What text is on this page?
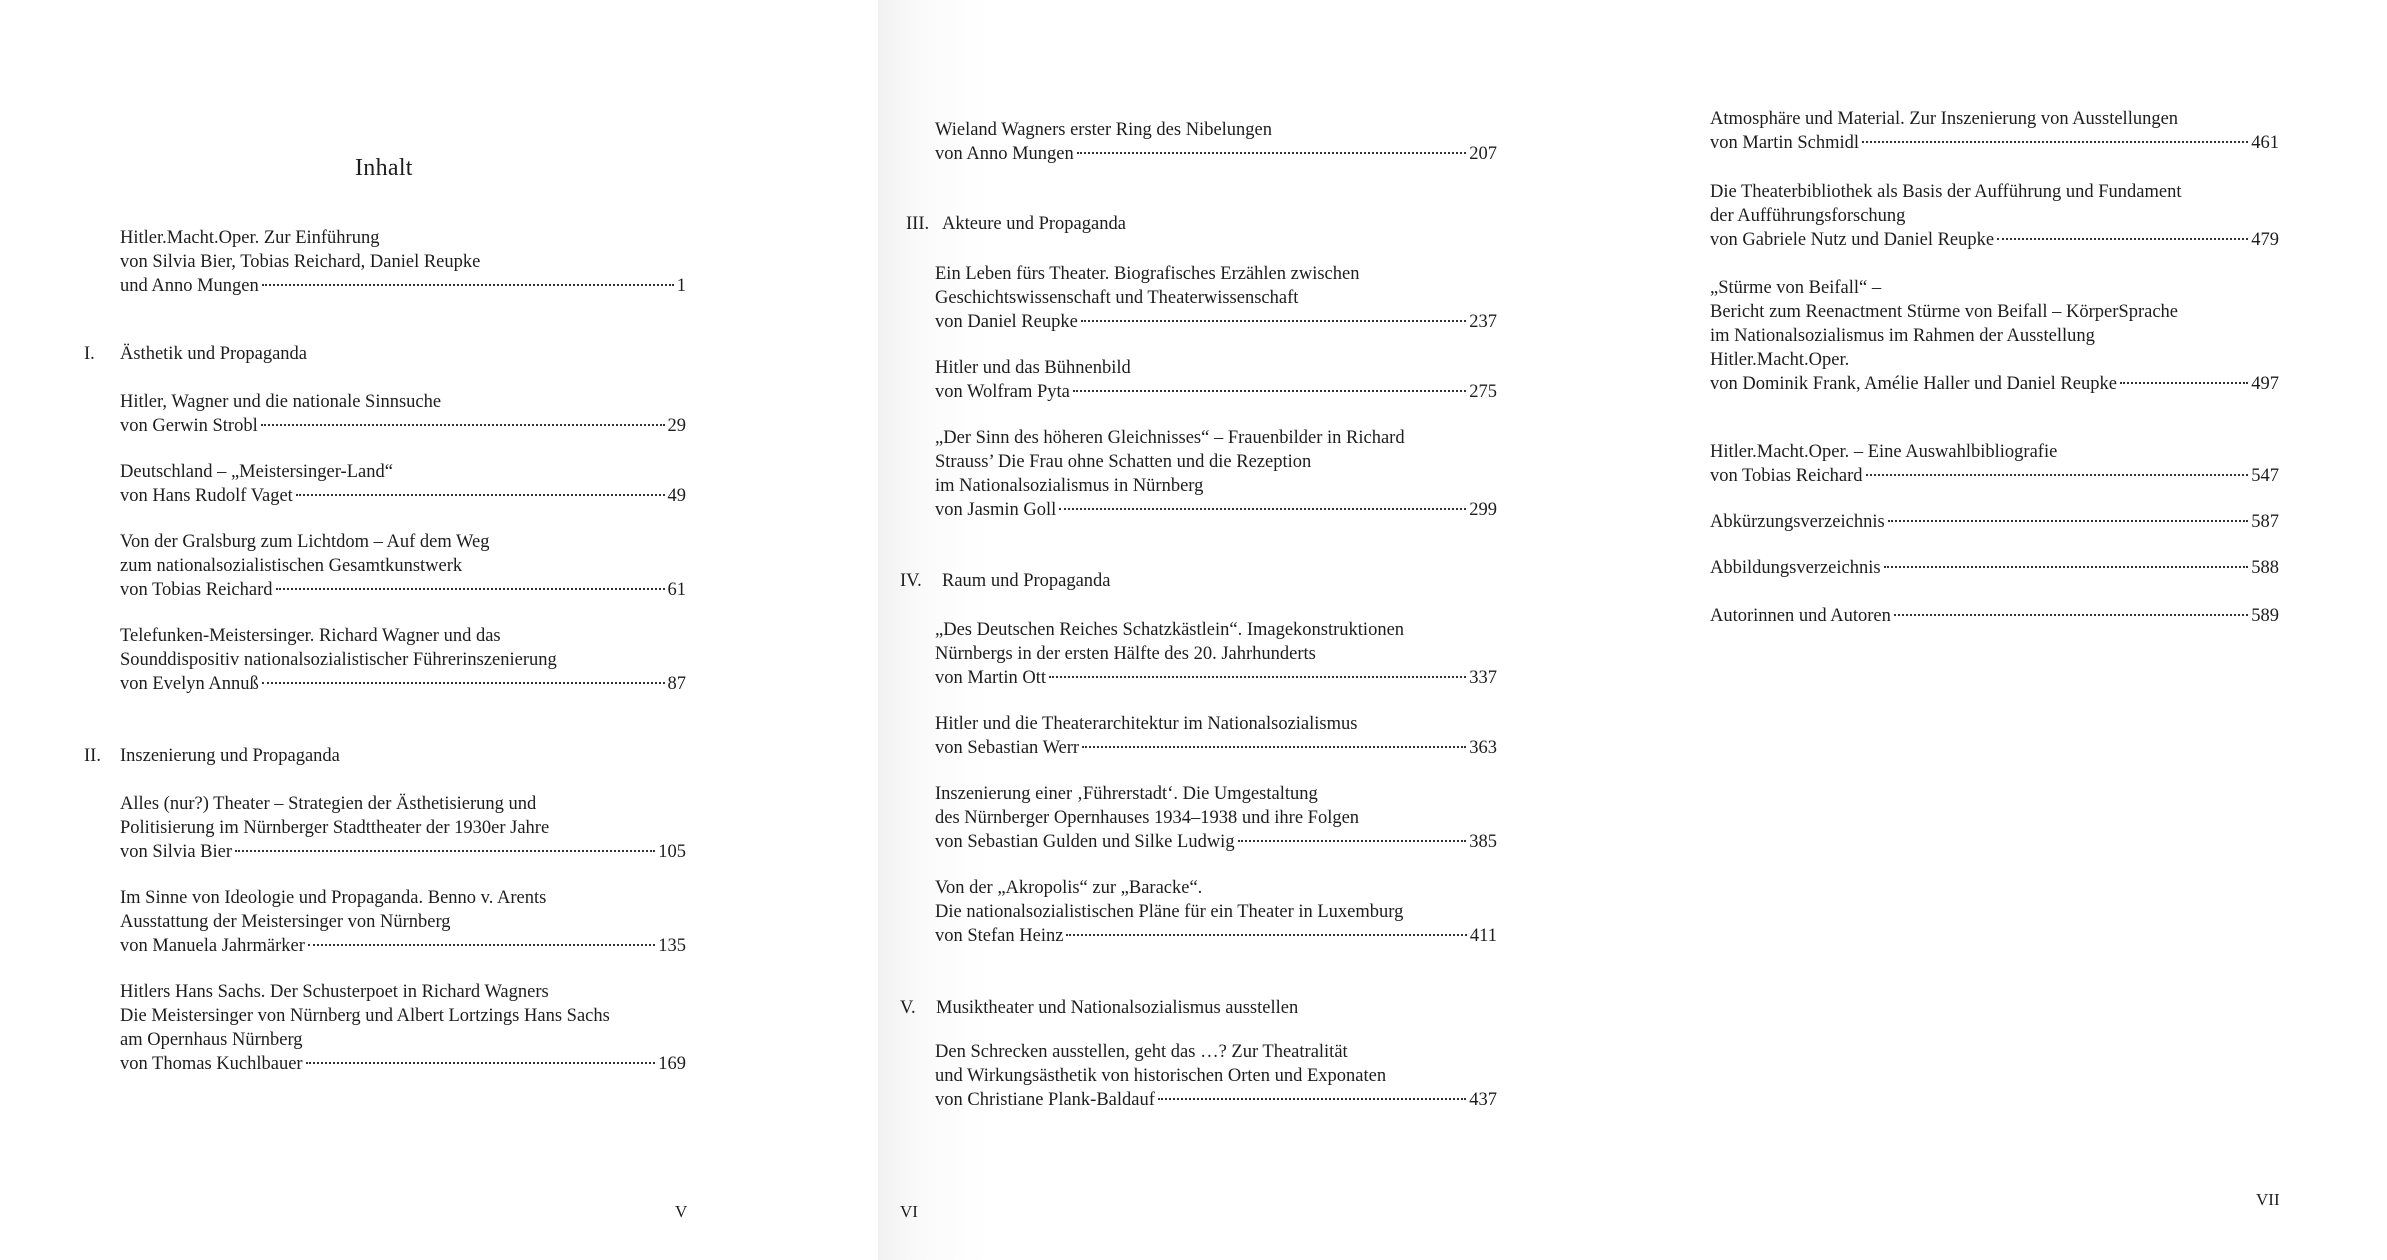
Inhalt
Hitler.Macht.Oper. Zur Einführung
von Silvia Bier, Tobias Reichard, Daniel Reupke
und Anno Mungen	1
I. Ästhetik und Propaganda
Hitler, Wagner und die nationale Sinnsuche
von Gerwin Strobl	29
Deutschland – „Meistersinger-Land“
von Hans Rudolf Vaget	49
Von der Gralsburg zum Lichtdom – Auf dem Weg
zum nationalsozialistischen Gesamtkunstwerk
von Tobias Reichard	61
Telefunken-Meistersinger. Richard Wagner und das
Sounddispositiv nationalsozialistischer Führerinszenierung
von Evelyn Annuß	87
II. Inszenierung und Propaganda
Alles (nur?) Theater – Strategien der Ästhetisierung und
Politisierung im Nürnberger Stadttheater der 1930er Jahre
von Silvia Bier	105
Im Sinne von Ideologie und Propaganda. Benno v. Arents
Ausstattung der Meistersinger von Nürnberg
von Manuela Jahrmärker	135
Hitlers Hans Sachs. Der Schusterpoet in Richard Wagners
Die Meistersinger von Nürnberg und Albert Lortzings Hans Sachs
am Opernhaus Nürnberg
von Thomas Kuchlbauer	169
V
Wieland Wagners erster Ring des Nibelungen
von Anno Mungen	207
III. Akteure und Propaganda
Ein Leben fürs Theater. Biografisches Erzählen zwischen
Geschichtswissenschaft und Theaterwissenschaft
von Daniel Reupke	237
Hitler und das Bühnenbild
von Wolfram Pyta	275
„Der Sinn des höheren Gleichnisses“ – Frauenbilder in Richard
Strauss’ Die Frau ohne Schatten und die Rezeption
im Nationalsozialismus in Nürnberg
von Jasmin Goll	299
IV. Raum und Propaganda
„Des Deutschen Reiches Schatzkästlein“. Imagekonstruktionen
Nürnbergs in der ersten Hälfte des 20. Jahrhunderts
von Martin Ott	337
Hitler und die Theaterarchitektur im Nationalsozialismus
von Sebastian Werr	363
Inszenierung einer ‚Führerstadt‘. Die Umgestaltung
des Nürnberger Opernhauses 1934–1938 und ihre Folgen
von Sebastian Gulden und Silke Ludwig	385
Von der „Akropolis“ zur „Baracke“.
Die nationalsozialistischen Pläne für ein Theater in Luxemburg
von Stefan Heinz	411
V. Musiktheater und Nationalsozialismus ausstellen
Den Schrecken ausstellen, geht das …? Zur Theatralität
und Wirkungsästhetik von historischen Orten und Exponaten
von Christiane Plank-Baldauf	437
VI
Atmosphäre und Material. Zur Inszenierung von Ausstellungen
von Martin Schmidl	461
Die Theaterbibliothek als Basis der Aufführung und Fundament
der Aufführungsforschung
von Gabriele Nutz und Daniel Reupke	479
„Stürme von Beifall“ –
Bericht zum Reenactment Stürme von Beifall – KörperSprache
im Nationalsozialismus im Rahmen der Ausstellung
Hitler.Macht.Oper.
von Dominik Frank, Amélie Haller und Daniel Reupke	497
Hitler.Macht.Oper. – Eine Auswahlbibliografie
von Tobias Reichard	547
Abkürzungsverzeichnis	587
Abbildungsverzeichnis	588
Autorinnen und Autoren	589
VII
